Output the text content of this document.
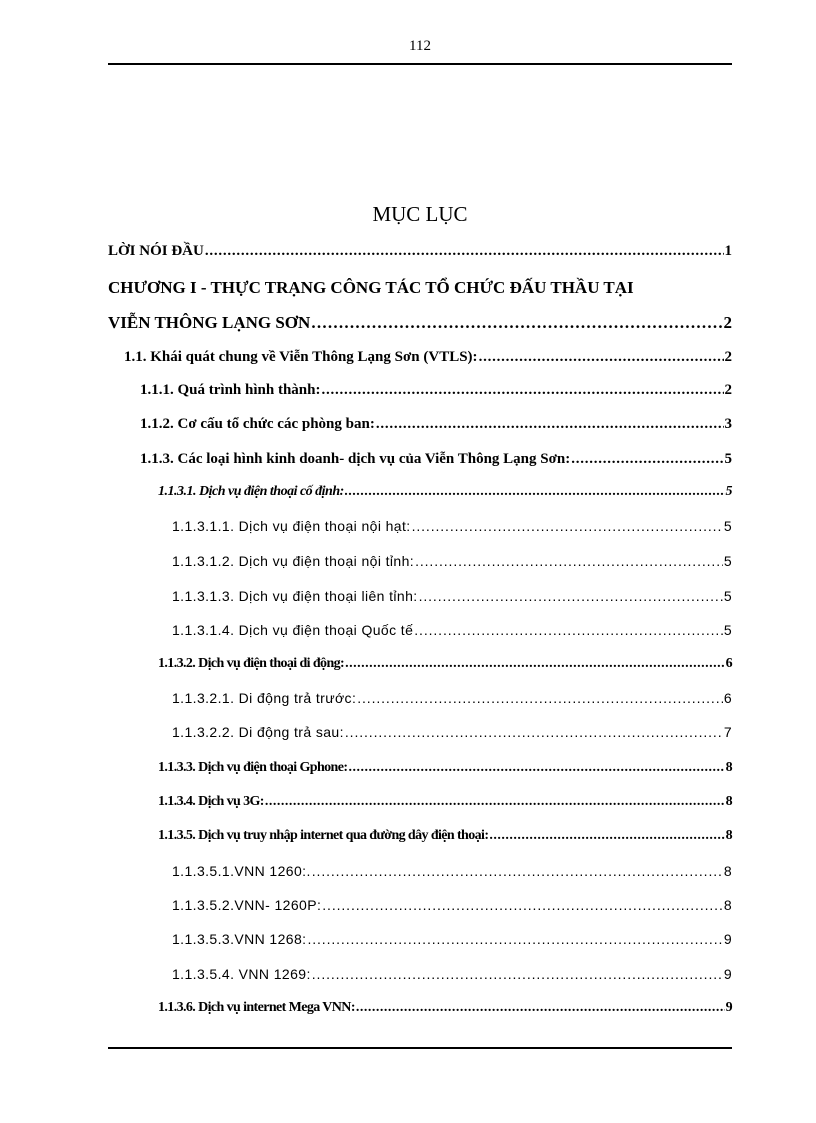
112
MỤC LỤC
LỜI NÓI ĐẦU . . .	1
CHƯƠNG I - THỰC TRẠNG CÔNG TÁC TỔ CHỨC ĐẤU THẦU TẠI
VIỄN THÔNG LẠNG SƠN . . .	2
1.1. Khái quát chung về Viễn Thông Lạng Sơn (VTLS): . . .	2
1.1.1. Quá trình hình thành: . . .	2
1.1.2. Cơ cấu tổ chức các phòng ban: . . .	3
1.1.3. Các loại hình kinh doanh- dịch vụ của Viễn Thông Lạng Sơn: . . .	5
1.1.3.1. Dịch vụ điện thoại cố định: . . .	5
1.1.3.1.1. Dịch vụ điện thoại nội hạt: . . .	5
1.1.3.1.2. Dịch vụ điện thoại nội tỉnh: . . .	5
1.1.3.1.3. Dịch vụ điện thoại liên tỉnh: . . .	5
1.1.3.1.4. Dịch vụ điện thoại Quốc tế . . .	5
1.1.3.2. Dịch vụ điện thoại di động: . . .	6
1.1.3.2.1. Di động trả trước: . . .	6
1.1.3.2.2. Di động trả sau: . . .	7
1.1.3.3. Dịch vụ điện thoại Gphone: . . .	8
1.1.3.4. Dịch vụ 3G: . . .	8
1.1.3.5. Dịch vụ truy nhập internet qua đường dây điện thoại: . . .	8
1.1.3.5.1.VNN 1260:. . . .	8
1.1.3.5.2.VNN- 1260P: . . .	8
1.1.3.5.3.VNN 1268: . . .	9
1.1.3.5.4. VNN 1269: . . .	9
1.1.3.6. Dịch vụ internet Mega VNN: . . .	9
